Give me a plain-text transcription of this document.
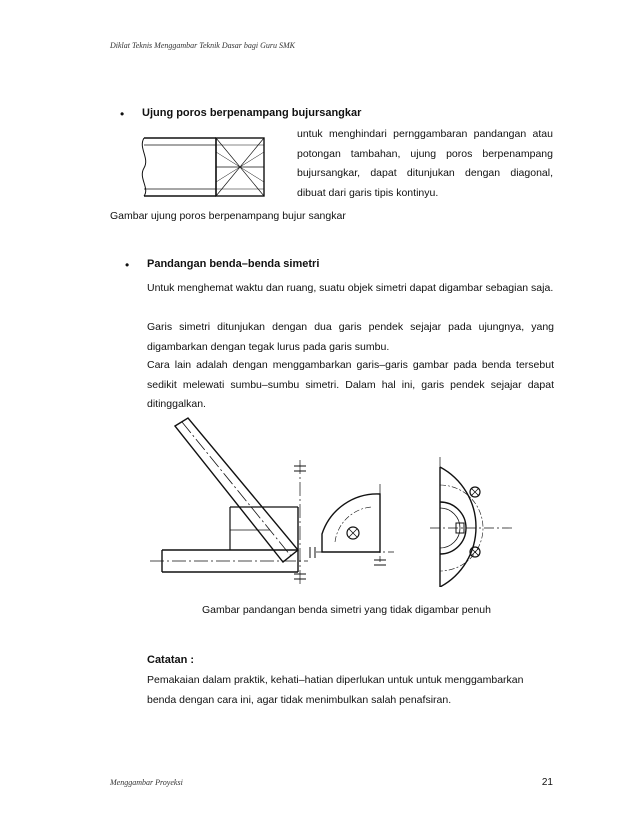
Diklat Teknis Menggambar Teknik Dasar bagi Guru SMK
• Ujung poros berpenampang bujursangkar
untuk menghindari pernggambaran pandangan atau potongan tambahan, ujung poros berpenampang bujursangkar, dapat ditunjukan dengan diagonal, dibuat dari garis tipis kontinyu.
Gambar ujung poros berpenampang bujur sangkar
• Pandangan benda–benda simetri
Untuk menghemat waktu dan ruang, suatu objek simetri dapat digambar sebagian saja.
Garis simetri ditunjukan dengan dua garis pendek sejajar pada ujungnya, yang digambarkan dengan tegak lurus pada garis sumbu.
Cara lain adalah dengan menggambarkan garis–garis gambar pada benda tersebut sedikit melewati sumbu–sumbu simetri. Dalam hal ini, garis pendek sejajar dapat ditinggalkan.
Gambar pandangan benda simetri yang tidak digambar penuh
Catatan :
Pemakaian dalam praktik, kehati–hatian diperlukan untuk untuk menggambarkan benda dengan cara ini, agar tidak menimbulkan salah penafsiran.
Menggambar Proyeksi	21
